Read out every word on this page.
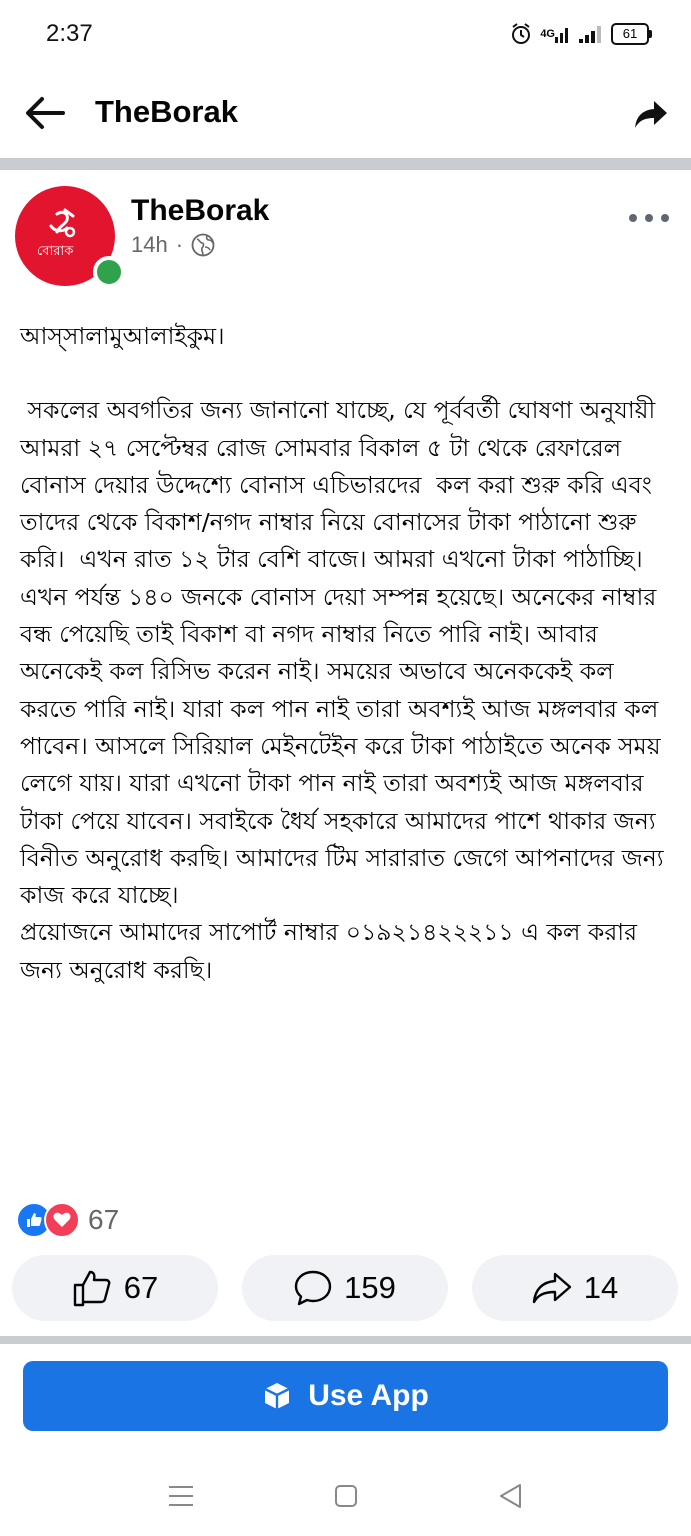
2:37	4G	61
TheBorak
বোরাক
TheBorak
14h ·

আস্সালামুআলাইকুম।

সকলের অবগতির জন্য জানানো যাচ্ছে, যে পূর্ববর্তী ঘোষণা অনুযায়ী আমরা ২৭ সেপ্টেম্বর রোজ সোমবার বিকাল ৫ টা থেকে রেফারেল বোনাস দেয়ার উদ্দেশ্যে বোনাস এচিভারদের  কল করা শুরু করি এবং তাদের থেকে বিকাশ/নগদ নাম্বার নিয়ে বোনাসের টাকা পাঠানো শুরু করি।  এখন রাত ১২ টার বেশি বাজে। আমরা এখনো টাকা পাঠাচ্ছি।  এখন পর্যন্ত ১৪০ জনকে বোনাস দেয়া সম্পন্ন হয়েছে। অনেকের নাম্বার বন্ধ পেয়েছি তাই বিকাশ বা নগদ নাম্বার নিতে পারি নাই। আবার অনেকেই কল রিসিভ করেন নাই। সময়ের অভাবে অনেককেই কল করতে পারি নাই। যারা কল পান নাই তারা অবশ্যই আজ মঙ্গলবার কল পাবেন। আসলে সিরিয়াল মেইনটেইন করে টাকা পাঠাইতে অনেক সময় লেগে যায়। যারা এখনো টাকা পান নাই তারা অবশ্যই আজ মঙ্গলবার টাকা পেয়ে যাবেন। সবাইকে ধৈর্য সহকারে আমাদের পাশে থাকার জন্য বিনীত অনুরোধ করছি। আমাদের টিম সারারাত জেগে আপনাদের জন্য কাজ করে যাচ্ছে।

প্রয়োজনে আমাদের সাপোর্ট নাম্বার ০১৯২১৪২২২১১ এ কল করার জন্য অনুরোধ করছি।

67
67	159	14
Use App
